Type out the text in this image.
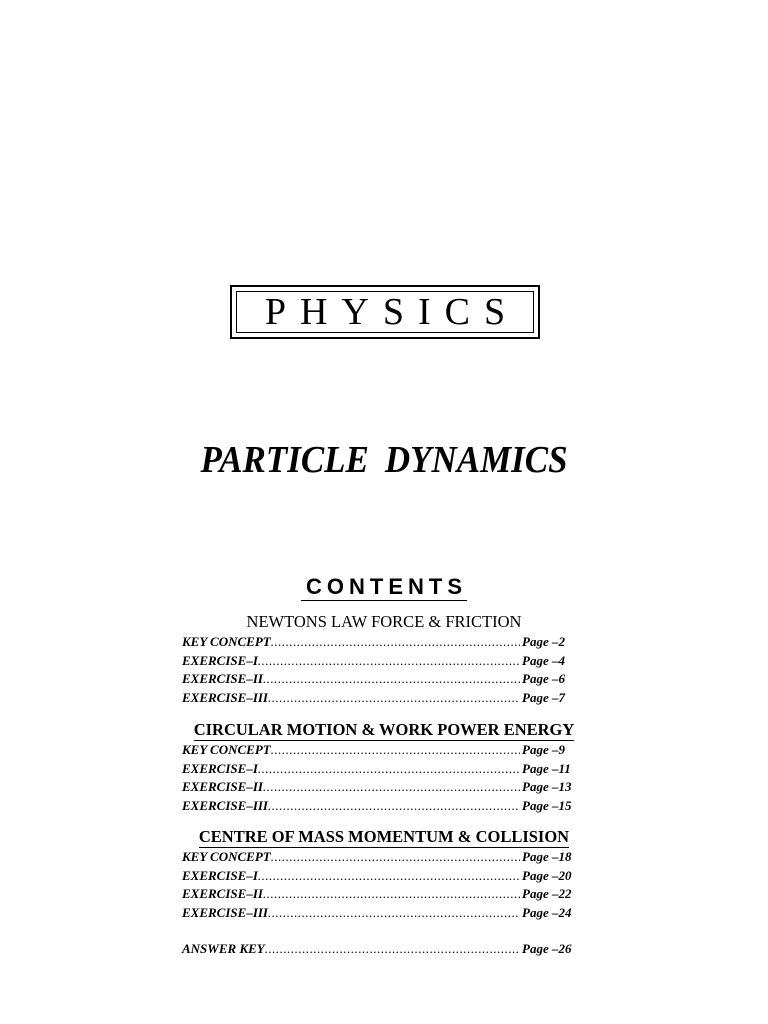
PHYSICS
PARTICLE DYNAMICS
CONTENTS
NEWTONS LAW FORCE & FRICTION
KEY CONCEPT .....	Page –2
EXERCISE–I .....	Page –4
EXERCISE–II .....	Page –6
EXERCISE–III .....	Page –7
CIRCULAR MOTION & WORK POWER ENERGY
KEY CONCEPT .....	Page –9
EXERCISE–I .....	Page –11
EXERCISE–II .....	Page –13
EXERCISE–III .....	Page –15
CENTRE OF MASS MOMENTUM & COLLISION
KEY CONCEPT .....	Page –18
EXERCISE–I .....	Page –20
EXERCISE–II .....	Page –22
EXERCISE–III .....	Page –24
ANSWER KEY .....	Page –26
